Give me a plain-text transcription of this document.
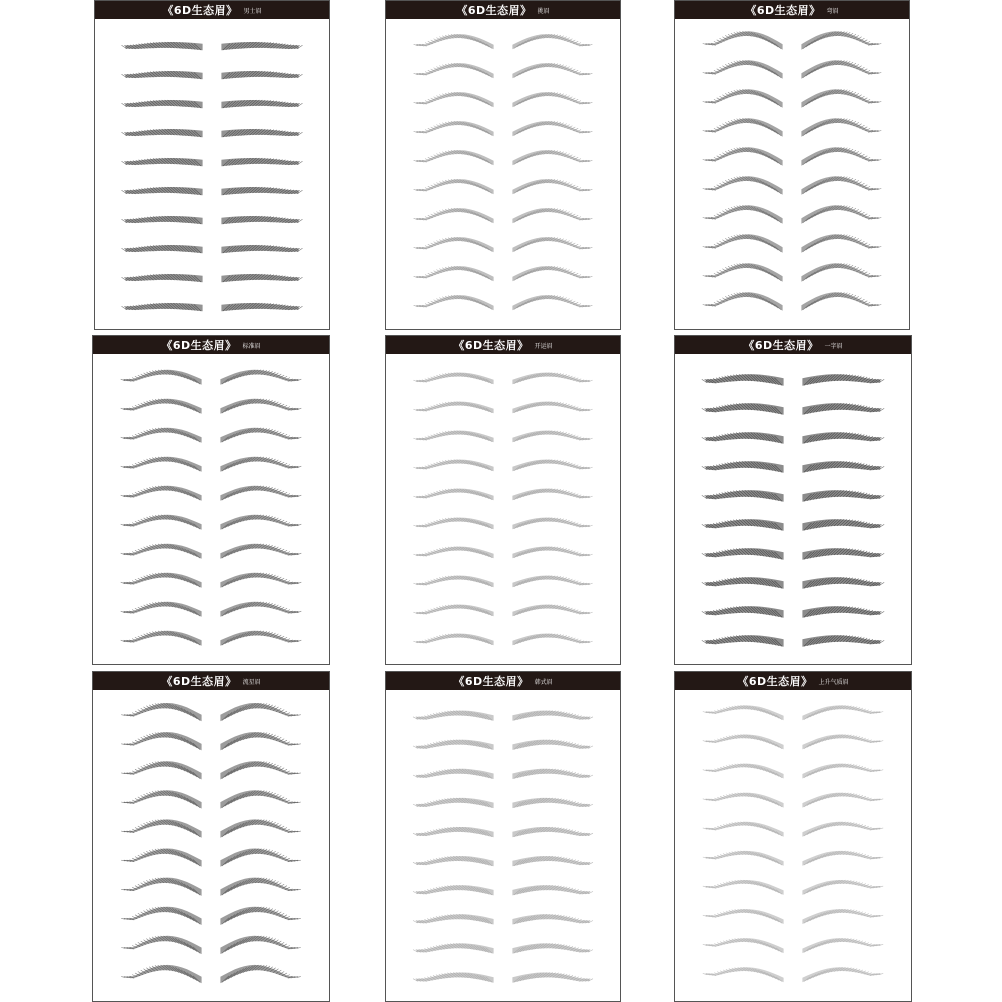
《6D生态眉》 男士眉	《6D生态眉》 挑眉	《6D生态眉》 弯眉
《6D生态眉》 标准眉	《6D生态眉》 开运眉	《6D生态眉》 一字眉
《6D生态眉》 流星眉	《6D生态眉》 韩式眉	《6D生态眉》 上升气质眉
